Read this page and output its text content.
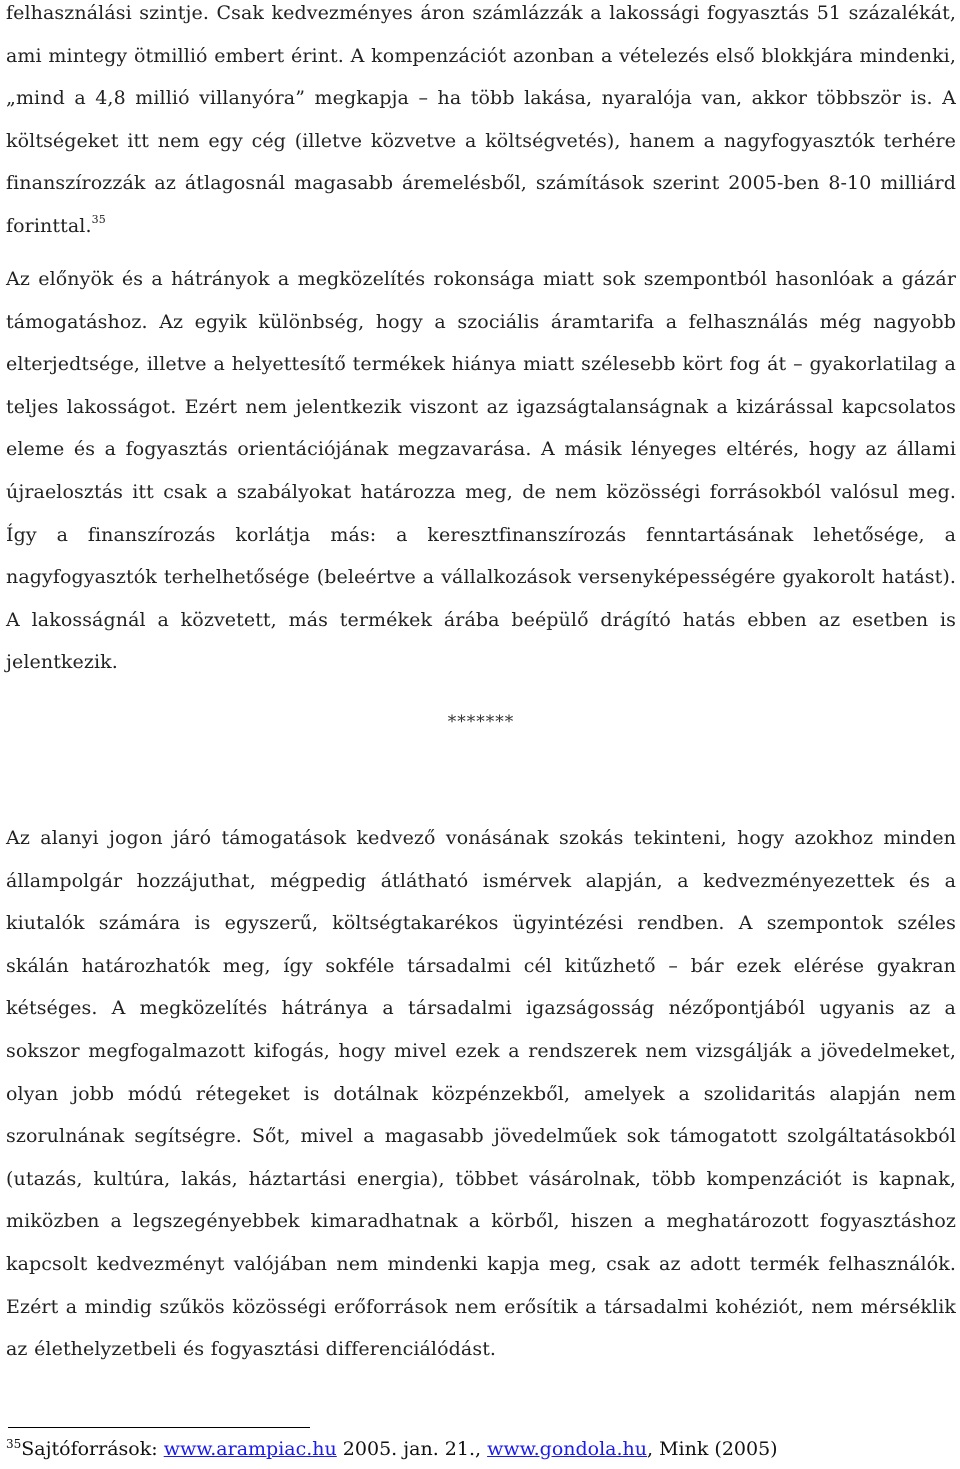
felhasználási szintje. Csak kedvezményes áron számlázzák a lakossági fogyasztás 51 százalékát, ami mintegy ötmillió embert érint. A kompenzációt azonban a vételezés első blokkjára mindenki, „mind a 4,8 millió villanyóra” megkapja – ha több lakása, nyaralója van, akkor többször is. A költségeket itt nem egy cég (illetve közvetve a költségvetés), hanem a nagyfogyasztók terhére finanszírozzák az átlagosnál magasabb áremelésből, számítások szerint 2005-ben 8-10 milliárd forinttal.$^{35}$

Az előnyök és a hátrányok a megközelítés rokonsága miatt sok szempontból hasonlóak a gázár támogatáshoz. Az egyik különbség, hogy a szociális áramtarifa a felhasználás még nagyobb elterjedtsége, illetve a helyettesítő termékek hiánya miatt szélesebb kört fog át – gyakorlatilag a teljes lakosságot. Ezért nem jelentkezik viszont az igazságtalanságnak a kizárással kapcsolatos eleme és a fogyasztás orientációjának megzavarása. A másik lényeges eltérés, hogy az állami újraelosztás itt csak a szabályokat határozza meg, de nem közösségi forrásokból valósul meg. Így a finanszírozás korlátja más: a keresztfinanszírozás fenntartásának lehetősége, a nagyfogyasztók terhelhetősége (beleértve a vállalkozások versenyképességére gyakorolt hatást). A lakosságnál a közvetett, más termékek árába beépülő drágító hatás ebben az esetben is jelentkezik.

*******

Az alanyi jogon járó támogatások kedvező vonásának szokás tekinteni, hogy azokhoz minden állampolgár hozzájuthat, mégpedig átlátható ismérvek alapján, a kedvezményezettek és a kiutalók számára is egyszerű, költségtakarékos ügyintézési rendben. A szempontok széles skálán határozhatók meg, így sokféle társadalmi cél kitűzhető – bár ezek elérése gyakran kétséges. A megközelítés hátránya a társadalmi igazságosság nézőpontjából ugyanis az a sokszor megfogalmazott kifogás, hogy mivel ezek a rendszerek nem vizsgálják a jövedelmeket, olyan jobb módú rétegeket is dotálnak közpénzekből, amelyek a szolidaritás alapján nem szorulnának segítségre. Sőt, mivel a magasabb jövedelműek sok támogatott szolgáltatásokból (utazás, kultúra, lakás, háztartási energia), többet vásárolnak, több kompenzációt is kapnak, miközben a legszegényebbek kimaradhatnak a körből, hiszen a meghatározott fogyasztáshoz kapcsolt kedvezményt valójában nem mindenki kapja meg, csak az adott termék felhasználók. Ezért a mindig szűkös közösségi erőforrások nem erősítik a társadalmi kohéziót, nem mérséklik az élethelyzetbeli és fogyasztási differenciálódást.

$^{35}$Sajtóforrások: www.arampiac.hu 2005. jan. 21., www.gondola.hu, Mink (2005)
